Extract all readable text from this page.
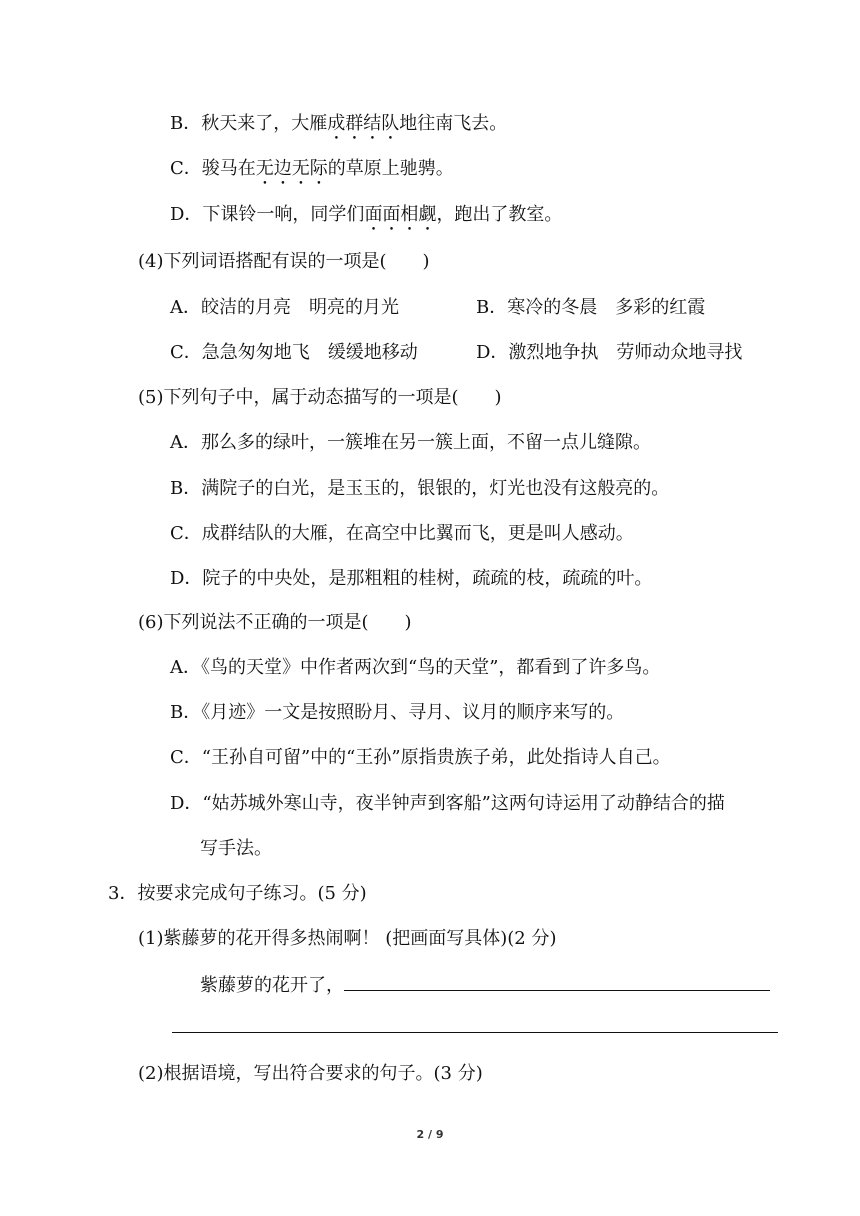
B．秋天来了，大雁成群结队地往南飞去。
C．骏马在无边无际的草原上驰骋。
D．下课铃一响，同学们面面相觑，跑出了教室。
(4)下列词语搭配有误的一项是(　　)
A．皎洁的月亮　明亮的月光	B．寒冷的冬晨　多彩的红霞
C．急急匆匆地飞　缓缓地移动	D．激烈地争执　劳师动众地寻找
(5)下列句子中，属于动态描写的一项是(　　)
A．那么多的绿叶，一簇堆在另一簇上面，不留一点儿缝隙。
B．满院子的白光，是玉玉的，银银的，灯光也没有这般亮的。
C．成群结队的大雁，在高空中比翼而飞，更是叫人感动。
D．院子的中央处，是那粗粗的桂树，疏疏的枝，疏疏的叶。
(6)下列说法不正确的一项是(　　)
A．《鸟的天堂》中作者两次到“鸟的天堂”，都看到了许多鸟。
B．《月迹》一文是按照盼月、寻月、议月的顺序来写的。
C．“王孙自可留”中的“王孙”原指贵族子弟，此处指诗人自己。
D．“姑苏城外寒山寺，夜半钟声到客船”这两句诗运用了动静结合的描
写手法。
3．按要求完成句子练习。(5 分)
(1)紫藤萝的花开得多热闹啊！ (把画面写具体)(2 分)
紫藤萝的花开了，
(2)根据语境，写出符合要求的句子。(3 分)
2 / 9
